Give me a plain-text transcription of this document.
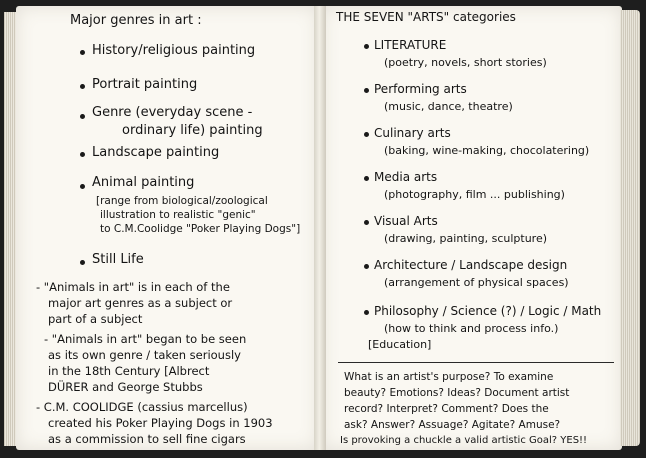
Major genres in art :
History/religious painting
Portrait painting
Genre (everyday scene -
ordinary life) painting
Landscape painting
Animal painting
[range from biological/zoological
illustration to realistic "genic"
to C.M.Coolidge "Poker Playing Dogs"]
Still Life
- "Animals in art" is in each of the
major art genres as a subject or
part of a subject
- "Animals in art" began to be seen
as its own genre / taken seriously
in the 18th Century [Albrect
DÜRER and George Stubbs
- C.M. COOLIDGE (cassius marcellus)
created his Poker Playing Dogs in 1903
as a commission to sell fine cigars
THE SEVEN "ARTS" categories
LITERATURE
(poetry, novels, short stories)
Performing arts
(music, dance, theatre)
Culinary arts
(baking, wine-making, chocolatering)
Media arts
(photography, film ... publishing)
Visual Arts
(drawing, painting, sculpture)
Architecture / Landscape design
(arrangement of physical spaces)
Philosophy / Science (?) / Logic / Math
(how to think and process info.)
[Education]
What is an artist's purpose? To examine
beauty? Emotions? Ideas? Document artist
record? Interpret? Comment? Does the
ask? Answer? Assuage? Agitate? Amuse?
Is provoking a chuckle a valid artistic Goal? YES!!
